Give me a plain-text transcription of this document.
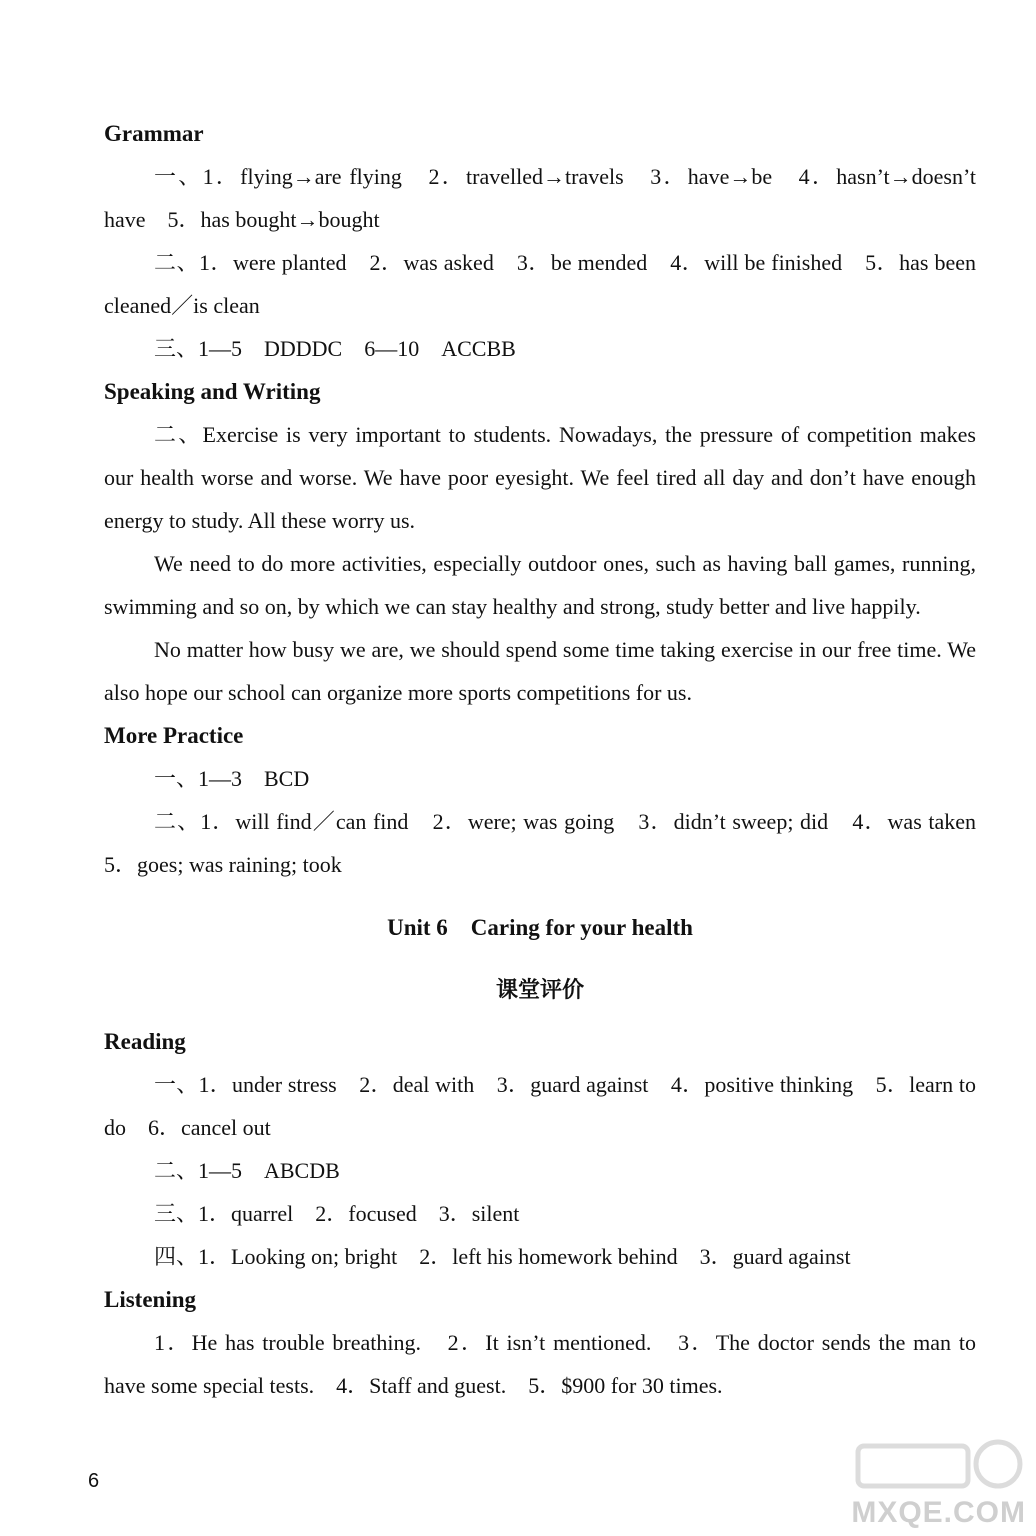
Grammar

一、1．flying→are flying　2．travelled→travels　3．have→be　4．hasn’t→doesn’t have　5．has bought→bought

二、1．were planted　2．was asked　3．be mended　4．will be finished　5．has been cleaned／is clean

三、1—5　DDDDC　6—10　ACCBB

Speaking and Writing

二、Exercise is very important to students. Nowadays, the pressure of competition makes our health worse and worse. We have poor eyesight. We feel tired all day and don’t have enough energy to study. All these worry us.

We need to do more activities, especially outdoor ones, such as having ball games, running, swimming and so on, by which we can stay healthy and strong, study better and live happily.

No matter how busy we are, we should spend some time taking exercise in our free time. We also hope our school can organize more sports competitions for us.

More Practice

一、1—3　BCD

二、1．will find／can find　2．were; was going　3．didn’t sweep; did　4．was taken　5．goes; was raining; took

Unit 6　Caring for your health

课堂评价

Reading

一、1．under stress　2．deal with　3．guard against　4．positive thinking　5．learn to do　6．cancel out

二、1—5　ABCDB

三、1．quarrel　2．focused　3．silent

四、1．Looking on; bright　2．left his homework behind　3．guard against

Listening

1．He has trouble breathing.　2．It isn’t mentioned.　3．The doctor sends the man to have some special tests.　4．Staff and guest.　5．$900 for 30 times.

6
MXQE.COM
